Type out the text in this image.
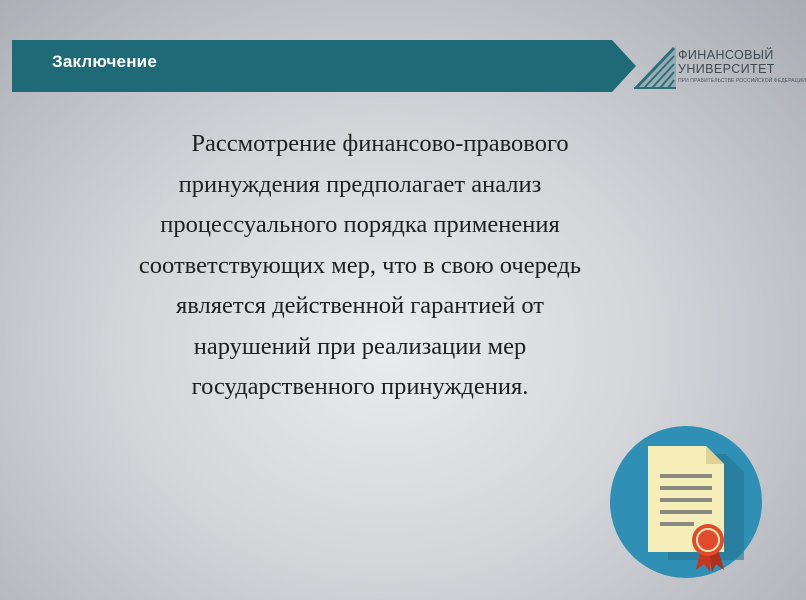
Заключение	ФИНАНСОВЫЙ
УНИВЕРСИТЕТ
ПРИ ПРАВИТЕЛЬСТВЕ РОССИЙСКОЙ ФЕДЕРАЦИИ
Рассмотрение финансово-правового
принуждения предполагает анализ
процессуального порядка применения
соответствующих мер, что в свою очередь
является действенной гарантией от
нарушений при реализации мер
государственного принуждения.
